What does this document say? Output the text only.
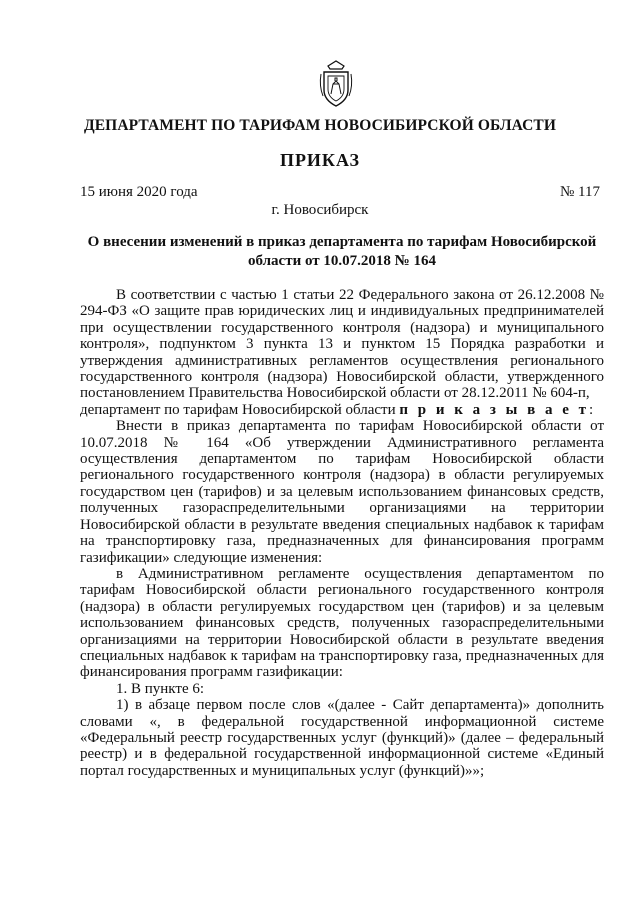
ДЕПАРТАМЕНТ ПО ТАРИФАМ НОВОСИБИРСКОЙ ОБЛАСТИ
ПРИКАЗ
15 июня 2020 года	№ 117
г. Новосибирск
О внесении изменений в приказ департамента по тарифам Новосибирской области от 10.07.2018 № 164

В соответствии с частью 1 статьи 22 Федерального закона от 26.12.2008 № 294-ФЗ «О защите прав юридических лиц и индивидуальных предпринимателей при осуществлении государственного контроля (надзора) и муниципального контроля», подпунктом 3 пункта 13 и пунктом 15 Порядка разработки и утверждения административных регламентов осуществления регионального государственного контроля (надзора) Новосибирской области, утвержденного постановлением Правительства Новосибирской области от 28.12.2011 № 604-п,

департамент по тарифам Новосибирской области п р и к а з ы в а е т:

Внести в приказ департамента по тарифам Новосибирской области от 10.07.2018 № 164 «Об утверждении Административного регламента осуществления департаментом по тарифам Новосибирской области регионального государственного контроля (надзора) в области регулируемых государством цен (тарифов) и за целевым использованием финансовых средств, полученных газораспределительными организациями на территории Новосибирской области в результате введения специальных надбавок к тарифам на транспортировку газа, предназначенных для финансирования программ газификации» следующие изменения:

в Административном регламенте осуществления департаментом по тарифам Новосибирской области регионального государственного контроля (надзора) в области регулируемых государством цен (тарифов) и за целевым использованием финансовых средств, полученных газораспределительными организациями на территории Новосибирской области в результате введения специальных надбавок к тарифам на транспортировку газа, предназначенных для финансирования программ газификации:

1. В пункте 6:

1) в абзаце первом после слов «(далее - Сайт департамента)» дополнить словами «, в федеральной государственной информационной системе «Федеральный реестр государственных услуг (функций)» (далее – федеральный реестр) и в федеральной государственной информационной системе «Единый портал государственных и муниципальных услуг (функций)»»;
